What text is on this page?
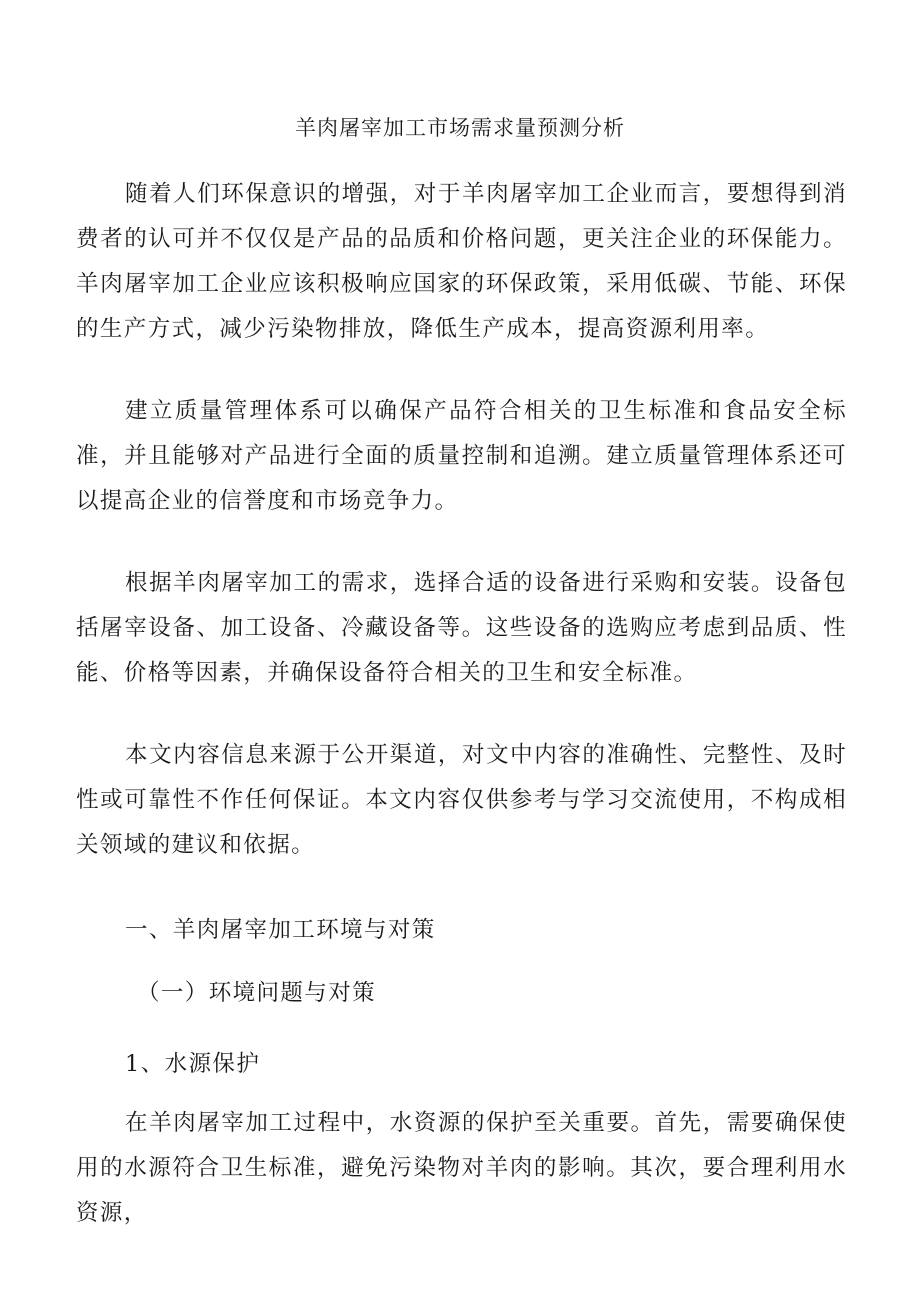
羊肉屠宰加工市场需求量预测分析

随着人们环保意识的增强，对于羊肉屠宰加工企业而言，要想得到消费者的认可并不仅仅是产品的品质和价格问题，更关注企业的环保能力。羊肉屠宰加工企业应该积极响应国家的环保政策，采用低碳、节能、环保的生产方式，减少污染物排放，降低生产成本，提高资源利用率。

建立质量管理体系可以确保产品符合相关的卫生标准和食品安全标准，并且能够对产品进行全面的质量控制和追溯。建立质量管理体系还可以提高企业的信誉度和市场竞争力。

根据羊肉屠宰加工的需求，选择合适的设备进行采购和安装。设备包括屠宰设备、加工设备、冷藏设备等。这些设备的选购应考虑到品质、性能、价格等因素，并确保设备符合相关的卫生和安全标准。

本文内容信息来源于公开渠道，对文中内容的准确性、完整性、及时性或可靠性不作任何保证。本文内容仅供参考与学习交流使用，不构成相关领域的建议和依据。

一、羊肉屠宰加工环境与对策
（一）环境问题与对策
1、水源保护

在羊肉屠宰加工过程中，水资源的保护至关重要。首先，需要确保使用的水源符合卫生标准，避免污染物对羊肉的影响。其次，要合理利用水资源，
